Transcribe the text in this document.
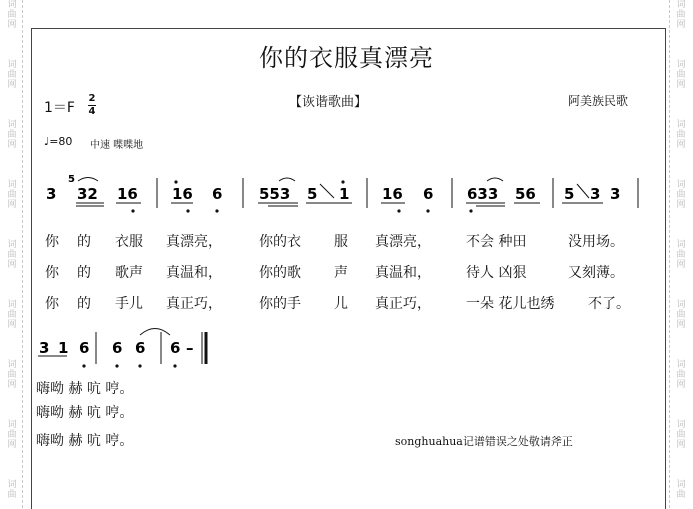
词
曲
网

词
曲
网

词
曲
网

词
曲
网

词
曲
网

词
曲
网

词
曲
网

词
曲
网

词
曲
词
曲
网

词
曲
网

词
曲
网

词
曲
网

词
曲
网

词
曲
网

词
曲
网

词
曲
网

词
曲
你的衣服真漂亮
1＝F
2
4
【诙谐歌曲】	阿美族民歌
♩=80 中速 喋喋地
3
5
32 16 16 6 553 5 1 16 6 633 56 5 3 3
3 1 6 6 6 6 –
你 的 衣服 真漂亮，	你的衣 服 真漂亮，	不会 种田	没用场。
你 的 歌声 真温和，	你的歌 声 真温和，	待人 凶狠	又刻薄。
你 的 手儿 真正巧，	你的手 儿 真正巧，	一朵 花儿也绣 不了。
嗨呦 赫 吭 哼。
嗨呦 赫 吭 哼。
嗨呦 赫 吭 哼。	songhuahua记谱错误之处敬请斧正
